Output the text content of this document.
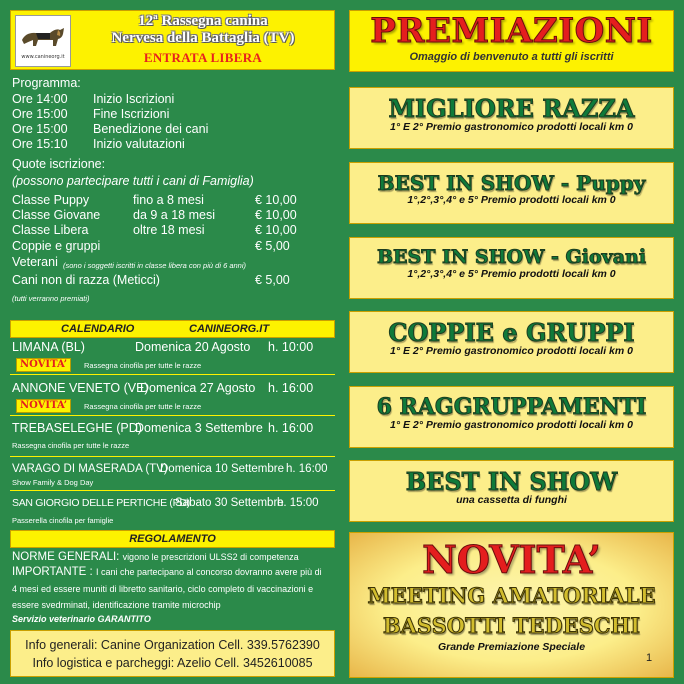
www.canineorg.it
12ª Rassegna canina
Nervesa della Battaglia (TV)
ENTRATA LIBERA
Programma:
Ore 14:00 Inizio Iscrizioni
Ore 15:00 Fine Iscrizioni
Ore 15:00 Benedizione dei cani
Ore 15:10 Inizio valutazioni
Quote iscrizione:
(possono partecipare tutti i cani di Famiglia)
Classe Puppy	fino a 8 mesi	€ 10,00
Classe Giovane	da 9 a 18 mesi	€ 10,00
Classe Libera	oltre 18 mesi	€ 10,00
Coppie e gruppi	€ 5,00
Veterani (sono i soggetti iscritti in classe libera con più di 6 anni)
Cani non di razza (Meticci)	€ 5,00
(tutti verranno premiati)
CALENDARIO	CANINEORG.IT
LIMANA (BL)	Domenica 20 Agosto h. 10:00
NOVITA’	Rassegna cinofila per tutte le razze
ANNONE VENETO (VE)
Domenica 27 Agosto h. 16:00
NOVITA’	Rassegna cinofila per tutte le razze
TREBASELEGHE (PD)
Domenica 3 Settembre h. 16:00
Rassegna cinofila per tutte le razze
VARAGO DI MASERADA (TV)
Domenica 10 Settembre h. 16:00
Show Family & Dog Day
SAN GIORGIO DELLE PERTICHE (PD)
Sabato 30 Settembre
h. 15:00
Passerella cinofila per famiglie
REGOLAMENTO
NORME GENERALI: vigono le prescrizioni ULSS2 di competenza
IMPORTANTE : I cani che partecipano al concorso dovranno avere più di
4 mesi ed essere muniti di libretto sanitario, ciclo completo di vaccinazioni e
essere svedrminati, identificazione tramite microchip
Servizio veterinario GARANTITO
Info generali: Canine Organization Cell. 339.5762390
Info logistica e parcheggi: Azelio Cell. 3452610085
PREMIAZIONI
Omaggio di benvenuto a tutti gli iscritti
MIGLIORE RAZZA
1° E 2° Premio gastronomico prodotti locali km 0
BEST IN SHOW - Puppy
1°,2°,3°,4° e 5° Premio prodotti locali km 0
BEST IN SHOW - Giovani
1°,2°,3°,4° e 5° Premio prodotti locali km 0
COPPIE e GRUPPI
1° E 2° Premio gastronomico prodotti locali km 0
6 RAGGRUPPAMENTI
1° E 2° Premio gastronomico prodotti locali km 0
BEST IN SHOW
una cassetta di funghi
NOVITA’
MEETING AMATORIALE
BASSOTTI TEDESCHI
Grande Premiazione Speciale
1
